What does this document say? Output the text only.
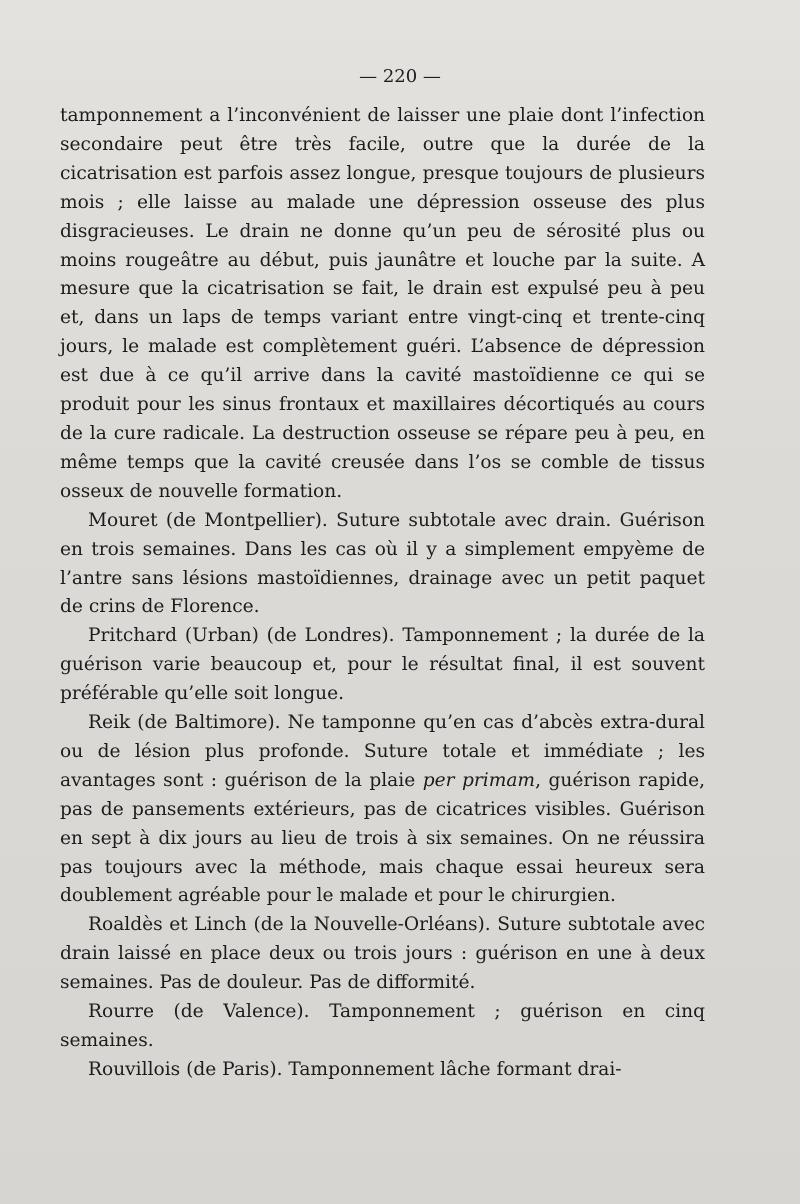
— 220 —

tamponnement a l’inconvénient de laisser une plaie dont l’infection secondaire peut être très facile, outre que la durée de la cicatrisation est parfois assez longue, presque toujours de plusieurs mois ; elle laisse au malade une dépression osseuse des plus disgracieuses. Le drain ne donne qu’un peu de sérosité plus ou moins rougeâtre au début, puis jaunâtre et louche par la suite. A mesure que la cicatrisation se fait, le drain est expulsé peu à peu et, dans un laps de temps variant entre vingt-cinq et trente-cinq jours, le malade est complètement guéri. L’absence de dépression est due à ce qu’il arrive dans la cavité mastoïdienne ce qui se produit pour les sinus frontaux et maxillaires décortiqués au cours de la cure radicale. La destruction osseuse se répare peu à peu, en même temps que la cavité creusée dans l’os se comble de tissus osseux de nouvelle formation.

Mouret (de Montpellier). Suture subtotale avec drain. Guérison en trois semaines. Dans les cas où il y a simplement empyème de l’antre sans lésions mastoïdiennes, drainage avec un petit paquet de crins de Florence.

Pritchard (Urban) (de Londres). Tamponnement ; la durée de la guérison varie beaucoup et, pour le résultat final, il est souvent préférable qu’elle soit longue.

Reik (de Baltimore). Ne tamponne qu’en cas d’abcès extra-dural ou de lésion plus profonde. Suture totale et immédiate ; les avantages sont : guérison de la plaie per primam, guérison rapide, pas de pansements extérieurs, pas de cicatrices visibles. Guérison en sept à dix jours au lieu de trois à six semaines. On ne réussira pas toujours avec la méthode, mais chaque essai heureux sera doublement agréable pour le malade et pour le chirurgien.

Roaldès et Linch (de la Nouvelle-Orléans). Suture subtotale avec drain laissé en place deux ou trois jours : guérison en une à deux semaines. Pas de douleur. Pas de difformité.

Rourre (de Valence). Tamponnement ; guérison en cinq semaines.

Rouvillois (de Paris). Tamponnement lâche formant drai-
